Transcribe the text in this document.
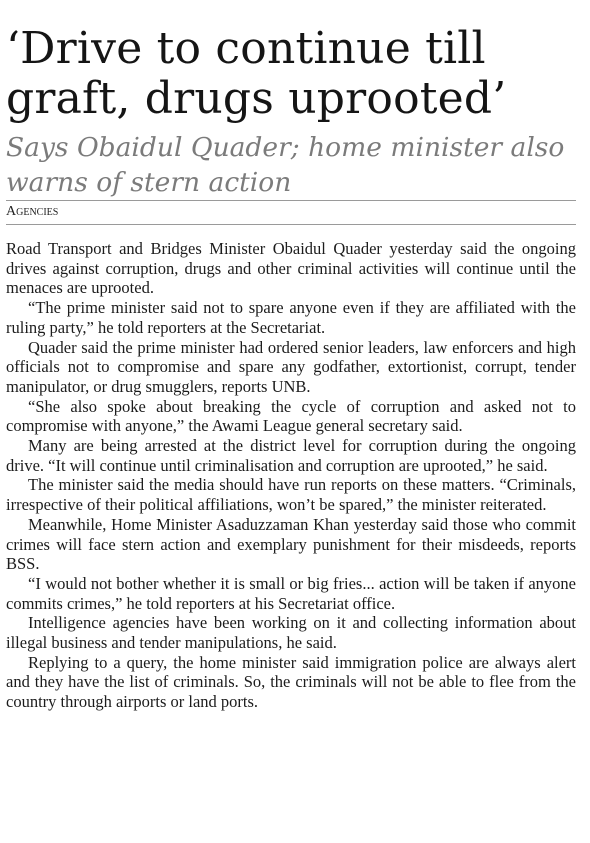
‘Drive to continue till graft, drugs uprooted’
Says Obaidul Quader; home minister also warns of stern action
Agencies

Road Transport and Bridges Minister Obaidul Quader yesterday said the ongoing drives against corruption, drugs and other criminal activities will continue until the menaces are uprooted.

“The prime minister said not to spare anyone even if they are affiliated with the ruling party,” he told reporters at the Secretariat.

Quader said the prime minister had ordered senior leaders, law enforcers and high officials not to compromise and spare any godfather, extortionist, corrupt, tender manipulator, or drug smugglers, reports UNB.

“She also spoke about breaking the cycle of corruption and asked not to compromise with anyone,” the Awami League general secretary said.

Many are being arrested at the district level for corruption during the ongoing drive. “It will continue until criminalisation and corruption are uprooted,” he said.

The minister said the media should have run reports on these matters. “Criminals, irrespective of their political affiliations, won’t be spared,” the minister reiterated.

Meanwhile, Home Minister Asaduzzaman Khan yesterday said those who commit crimes will face stern action and exemplary punishment for their misdeeds, reports BSS.

“I would not bother whether it is small or big fries... action will be taken if anyone commits crimes,” he told reporters at his Secretariat office.

Intelligence agencies have been working on it and collecting information about illegal business and tender manipulations, he said.

Replying to a query, the home minister said immigration police are always alert and they have the list of criminals. So, the criminals will not be able to flee from the country through airports or land ports.
